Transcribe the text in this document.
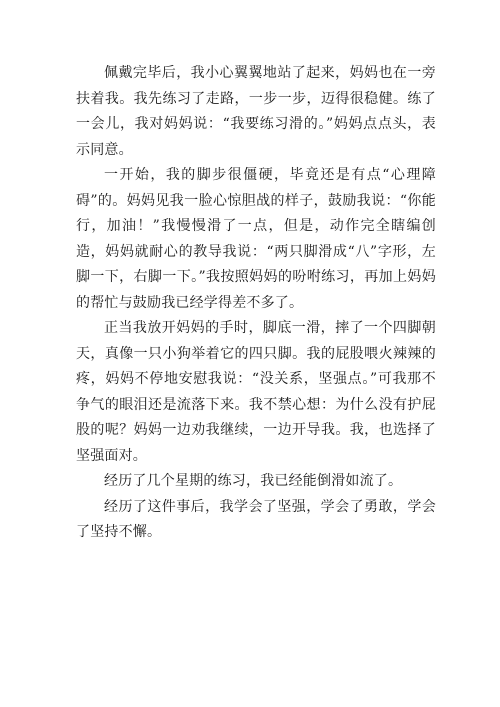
佩戴完毕后，我小心翼翼地站了起来，妈妈也在一旁扶着我。我先练习了走路，一步一步，迈得很稳健。练了一会儿，我对妈妈说：“我要练习滑的。”妈妈点点头，表示同意。

一开始，我的脚步很僵硬，毕竟还是有点“心理障碍”的。妈妈见我一脸心惊胆战的样子，鼓励我说：“你能行，加油！”我慢慢滑了一点，但是，动作完全瞎编创造，妈妈就耐心的教导我说：“两只脚滑成“八”字形，左脚一下，右脚一下。”我按照妈妈的吩咐练习，再加上妈妈的帮忙与鼓励我已经学得差不多了。

正当我放开妈妈的手时，脚底一滑，摔了一个四脚朝天，真像一只小狗举着它的四只脚。我的屁股喂火辣辣的疼，妈妈不停地安慰我说：“没关系，坚强点。”可我那不争气的眼泪还是流落下来。我不禁心想：为什么没有护屁股的呢？妈妈一边劝我继续，一边开导我。我，也选择了坚强面对。

经历了几个星期的练习，我已经能倒滑如流了。

经历了这件事后，我学会了坚强，学会了勇敢，学会了坚持不懈。
